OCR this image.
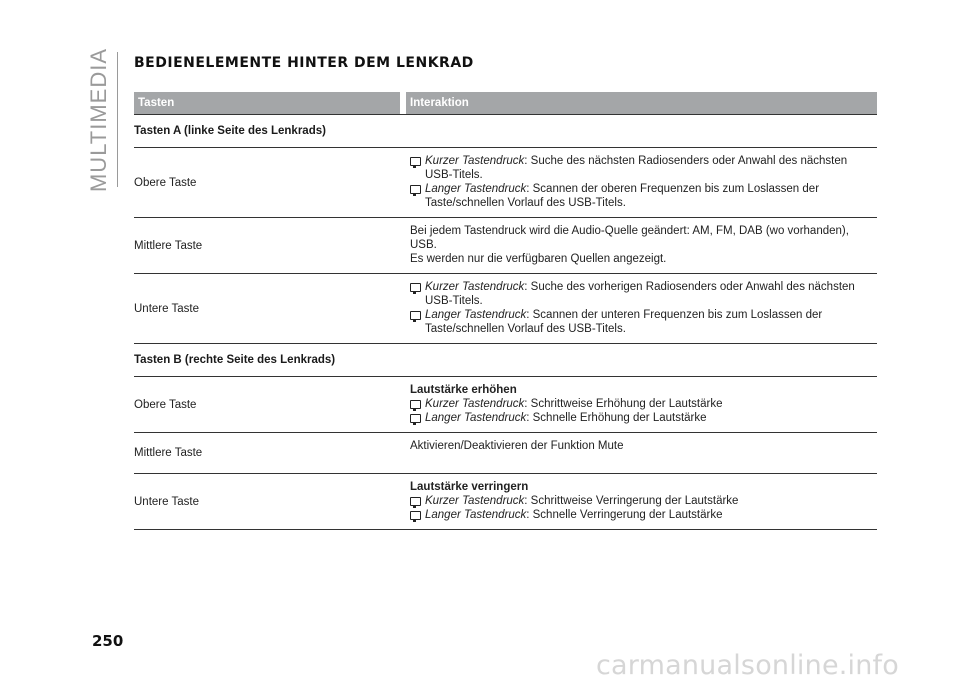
MULTIMEDIA BEDIENELEMENTE HINTER DEM LENKRAD
Tasten	Interaktion
Tasten A (linke Seite des Lenkrads)
Obere Taste
Kurzer Tastendruck: Suche des nächsten Radiosenders oder Anwahl des nächsten USB-Titels.
Langer Tastendruck: Scannen der oberen Frequenzen bis zum Loslassen der Taste/schnellen Vorlauf des USB-Titels.
Mittlere Taste
Bei jedem Tastendruck wird die Audio-Quelle geändert: AM, FM, DAB (wo vorhanden), USB.
Es werden nur die verfügbaren Quellen angezeigt.
Untere Taste
Kurzer Tastendruck: Suche des vorherigen Radiosenders oder Anwahl des nächsten USB-Titels.
Langer Tastendruck: Scannen der unteren Frequenzen bis zum Loslassen der Taste/schnellen Vorlauf des USB-Titels.
Tasten B (rechte Seite des Lenkrads)
Obere Taste
Lautstärke erhöhen
Kurzer Tastendruck: Schrittweise Erhöhung der Lautstärke
Langer Tastendruck: Schnelle Erhöhung der Lautstärke
Mittlere Taste
Aktivieren/Deaktivieren der Funktion Mute
Untere Taste
Lautstärke verringern
Kurzer Tastendruck: Schrittweise Verringerung der Lautstärke
Langer Tastendruck: Schnelle Verringerung der Lautstärke
250
carmanualsonline.info
